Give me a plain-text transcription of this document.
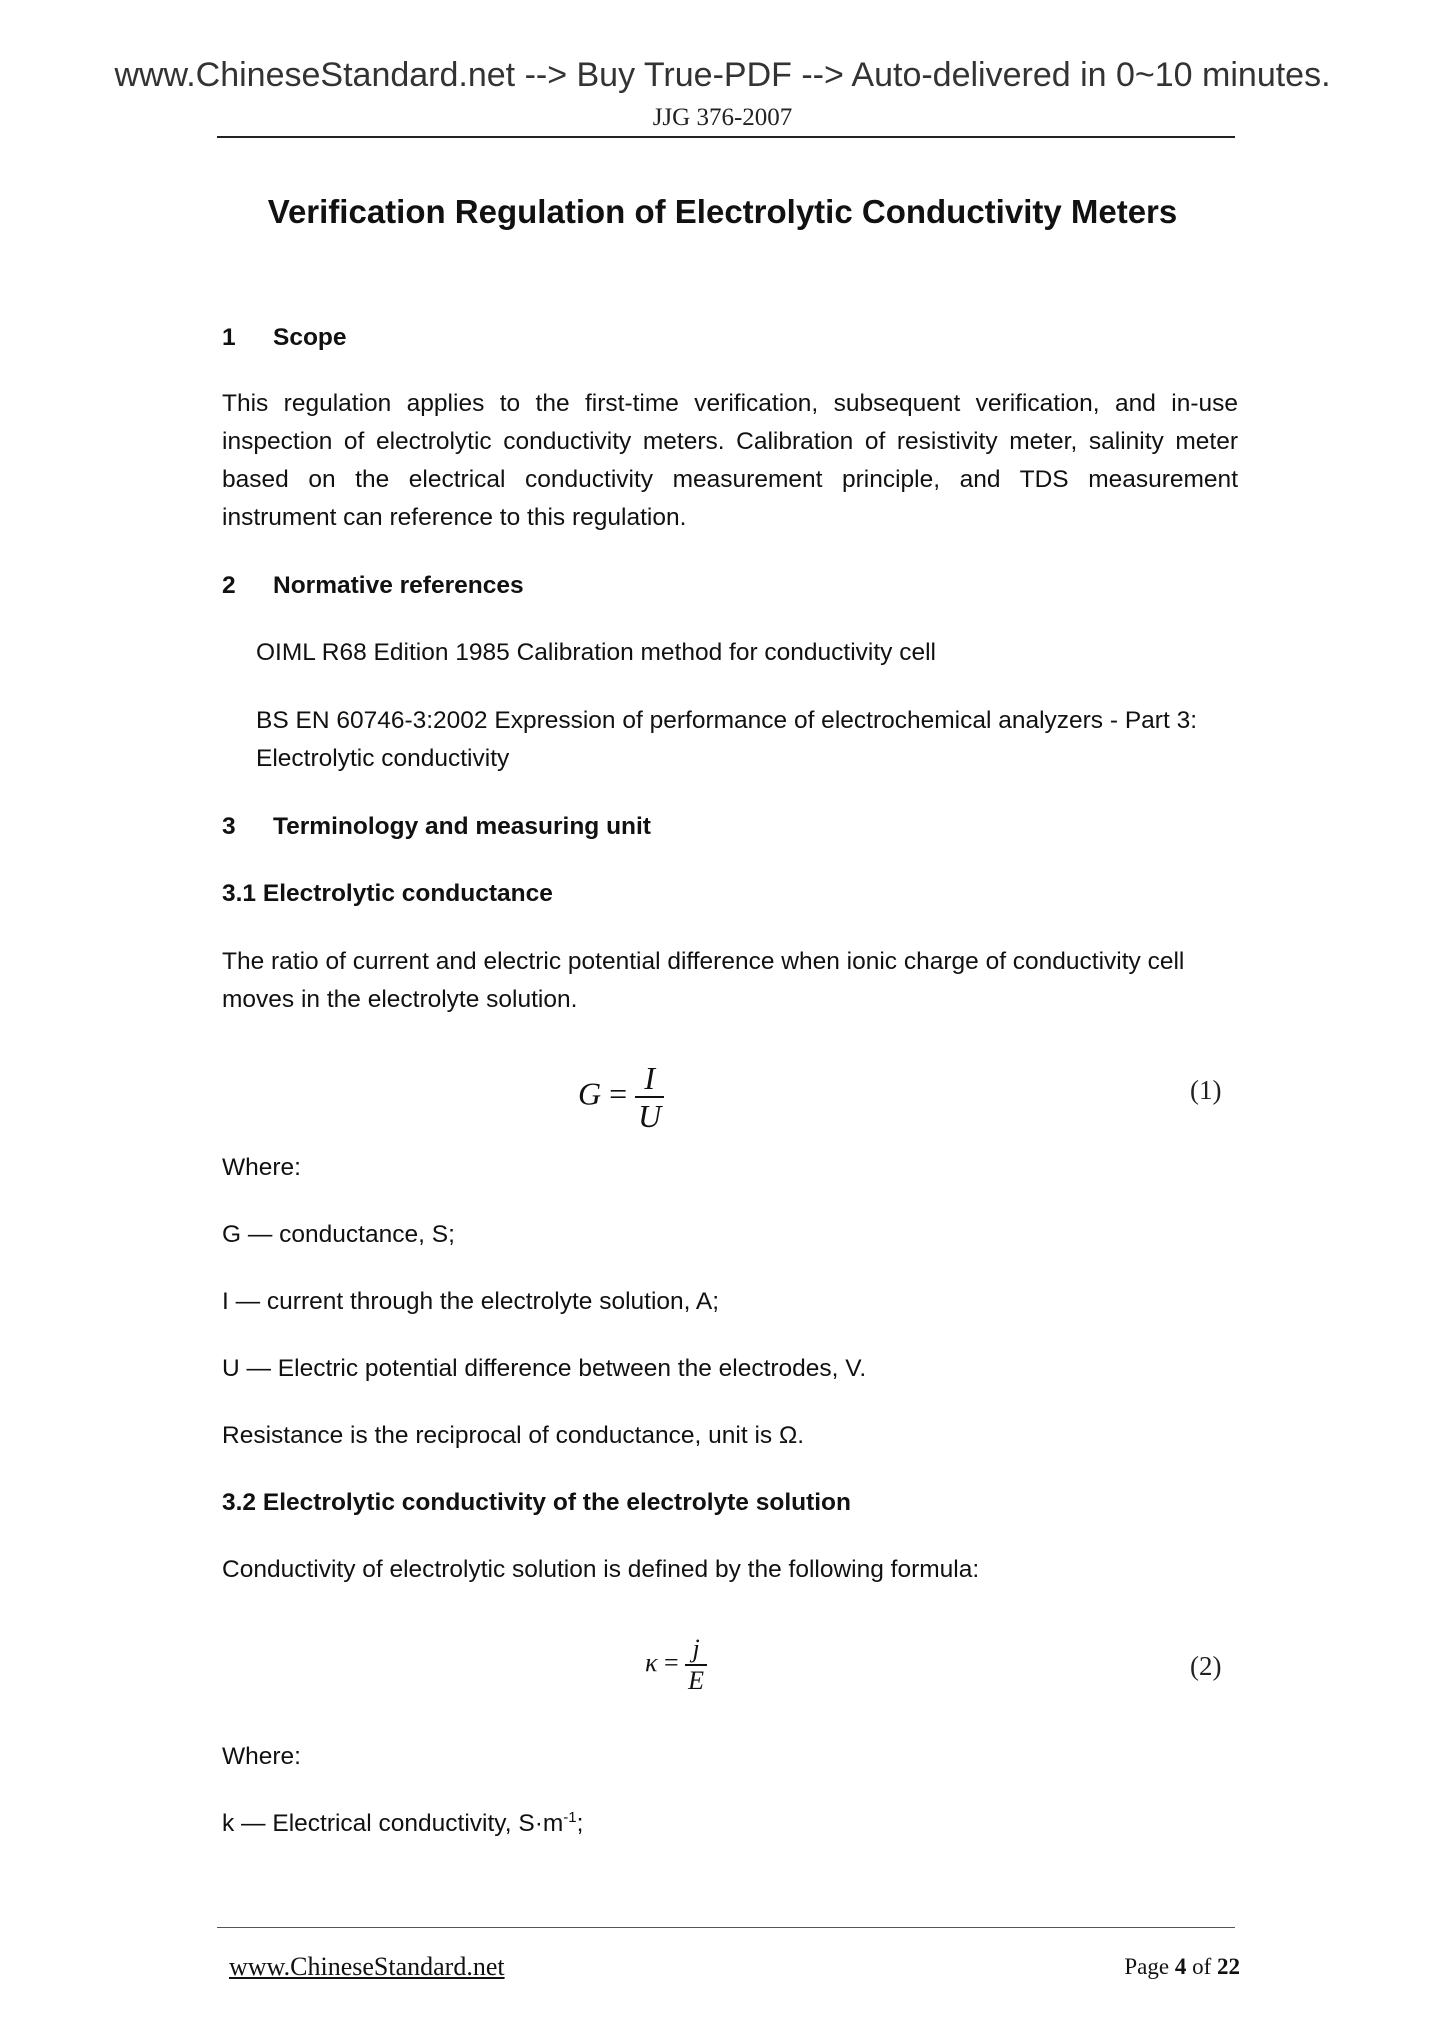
www.ChineseStandard.net --> Buy True-PDF --> Auto-delivered in 0~10 minutes.
JJG 376-2007
Verification Regulation of Electrolytic Conductivity Meters
1 Scope

This regulation applies to the first-time verification, subsequent verification, and in-use inspection of electrolytic conductivity meters. Calibration of resistivity meter, salinity meter based on the electrical conductivity measurement principle, and TDS measurement instrument can reference to this regulation.

2 Normative references

OIML R68 Edition 1985 Calibration method for conductivity cell

BS EN 60746-3:2002 Expression of performance of electrochemical analyzers - Part 3: Electrolytic conductivity

3 Terminology and measuring unit
3.1 Electrolytic conductance

The ratio of current and electric potential difference when ionic charge of conductivity cell moves in the electrolyte solution.

$G = \frac{I}{U}$	(1)

Where:

G — conductance, S;

I — current through the electrolyte solution, A;

U — Electric potential difference between the electrodes, V.

Resistance is the reciprocal of conductance, unit is Ω.

3.2 Electrolytic conductivity of the electrolyte solution

Conductivity of electrolytic solution is defined by the following formula:

$\kappa = \frac{j}{E}$	(2)

Where:

k — Electrical conductivity, $S\cdot m^{-1}$;

www.ChineseStandard.net	Page 4 of 22
